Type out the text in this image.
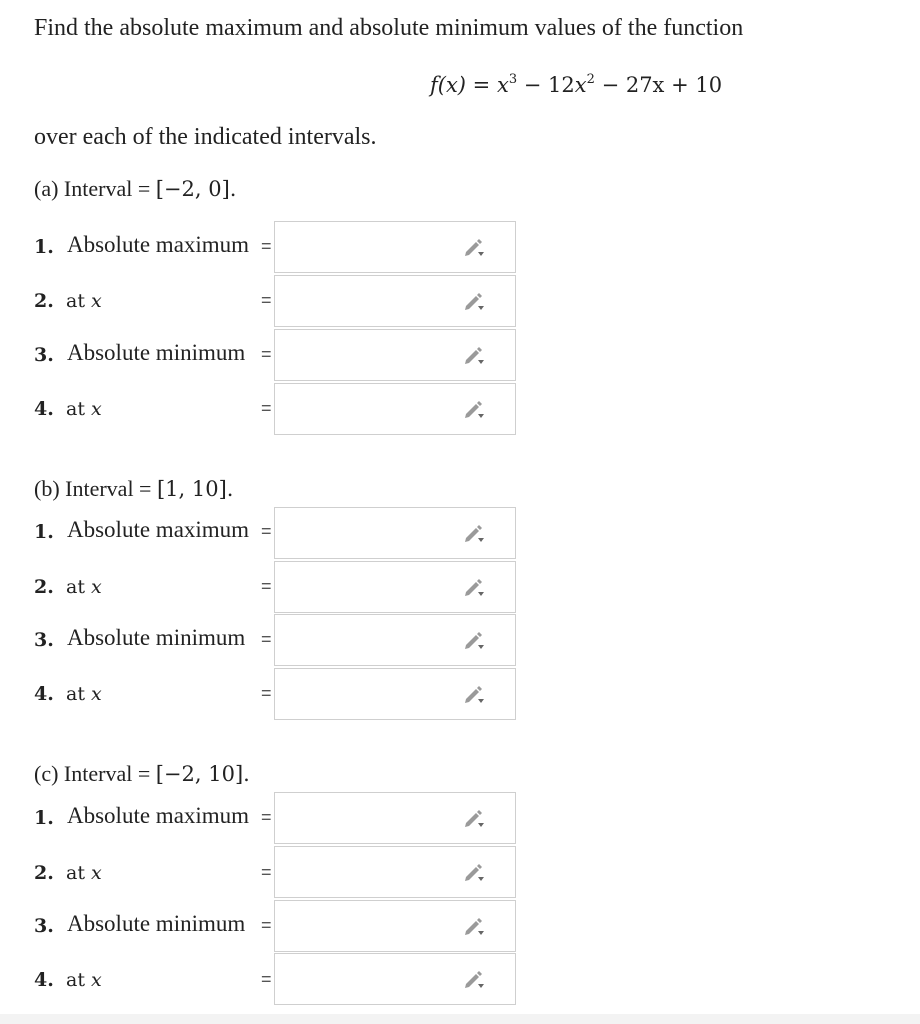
Find the absolute maximum and absolute minimum values of the function
$f(x) = x^3 - 12x^2 - 27x + 10$
over each of the indicated intervals.
(a) Interval = [−2, 0].
1. Absolute maximum =
2. at x	=
3. Absolute minimum =
4. at x	=
(b) Interval = [1, 10].
1. Absolute maximum =
2. at x	=
3. Absolute minimum =
4. at x	=
(c) Interval = [−2, 10].
1. Absolute maximum =
2. at x	=
3. Absolute minimum =
4. at x	=
